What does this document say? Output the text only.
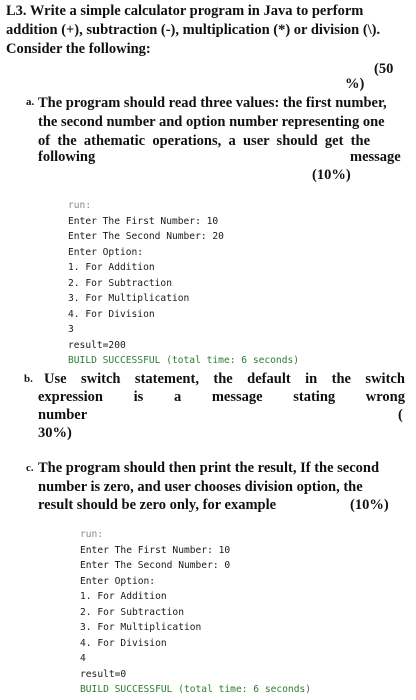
L3. Write a simple calculator program in Java to perform
addition (+), subtraction (-), multiplication (*) or division (\).
Consider the following:
(50
%)
a. The program should read three values: the first number,
the second number and option number representing one
of  the  athematic  operations,  a  user  should  get  the
following	message
(10%)
run:
Enter The First Number: 10
Enter The Second Number: 20
Enter Option:
1. For Addition
2. For Subtraction
3. For Multiplication
4. For Division
3
result=200
BUILD SUCCESSFUL (total time: 6 seconds)
b. Use switch statement, the default in the switch
expression is a message stating wrong
number	(
30%)
c. The program should then print the result, If the second
number is zero, and user chooses division option, the
result should be zero only, for example	(10%)
run:
Enter The First Number: 10
Enter The Second Number: 0
Enter Option:
1. For Addition
2. For Subtraction
3. For Multiplication
4. For Division
4
result=0
BUILD SUCCESSFUL (total time: 6 seconds)
